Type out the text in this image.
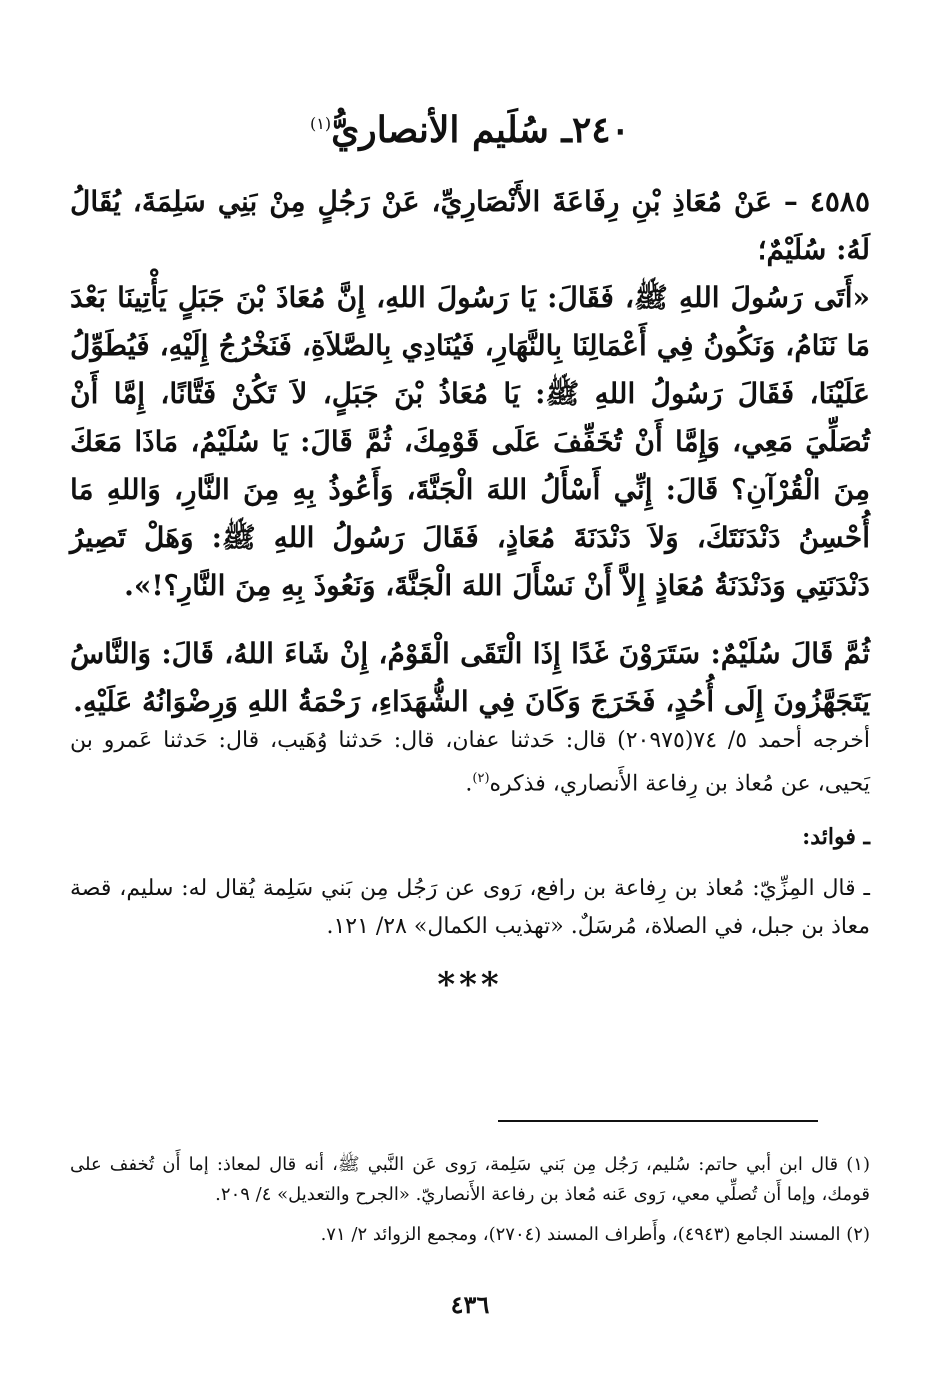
٢٤٠ـ سُلَيم الأنصاريُّ$^{(١)}$
٤٥٨٥ – عَنْ مُعَاذِ بْنِ رِفَاعَةَ الأَنْصَارِيِّ، عَنْ رَجُلٍ مِنْ بَنِي سَلِمَةَ، يُقَالُ لَهُ: سُلَيْمٌ؛
«أَتَى رَسُولَ اللهِ ﷺ، فَقَالَ: يَا رَسُولَ اللهِ، إِنَّ مُعَاذَ بْنَ جَبَلٍ يَأْتِينَا بَعْدَ مَا نَنَامُ، وَنَكُونُ فِي أَعْمَالِنَا بِالنَّهَارِ، فَيُنَادِي بِالصَّلاَةِ، فَنَخْرُجُ إِلَيْهِ، فَيُطَوِّلُ عَلَيْنَا، فَقَالَ رَسُولُ اللهِ ﷺ: يَا مُعَاذُ بْنَ جَبَلٍ، لاَ تَكُنْ فَتَّانًا، إِمَّا أَنْ تُصَلِّيَ مَعِي، وَإِمَّا أَنْ تُخَفِّفَ عَلَى قَوْمِكَ، ثُمَّ قَالَ: يَا سُلَيْمُ، مَاذَا مَعَكَ مِنَ الْقُرْآنِ؟ قَالَ: إِنِّي أَسْأَلُ اللهَ الْجَنَّةَ، وَأَعُوذُ بِهِ مِنَ النَّارِ، وَاللهِ مَا أُحْسِنُ دَنْدَنَتَكَ، وَلاَ دَنْدَنَةَ مُعَاذٍ، فَقَالَ رَسُولُ اللهِ ﷺ: وَهَلْ تَصِيرُ دَنْدَنَتِي وَدَنْدَنَةُ مُعَاذٍ إِلاَّ أَنْ نَسْأَلَ اللهَ الْجَنَّةَ، وَنَعُوذَ بِهِ مِنَ النَّارِ؟!».
ثُمَّ قَالَ سُلَيْمٌ: سَتَرَوْنَ غَدًا إِذَا الْتَقَى الْقَوْمُ، إِنْ شَاءَ اللهُ، قَالَ: وَالنَّاسُ يَتَجَهَّزُونَ إِلَى أُحُدٍ، فَخَرَجَ وَكَانَ فِي الشُّهَدَاءِ، رَحْمَةُ اللهِ وَرِضْوَانُهُ عَلَيْهِ.
أخرجه أحمد ٥/ ٧٤(٢٠٩٧٥) قال: حَدثنا عفان، قال: حَدثنا وُهَيب، قال: حَدثنا عَمرو بن يَحيى، عن مُعاذ بن رِفاعة الأَنصاري، فذكره$^{(٢)}$.
ـ فوائد:
ـ قال المِزِّيّ: مُعاذ بن رِفاعة بن رافع، رَوى عن رَجُل مِن بَني سَلِمة يُقال له: سليم، قصة معاذ بن جبل، في الصلاة، مُرسَلٌ. «تهذيب الكمال» ٢٨/ ١٢١.
***
(١) قال ابن أبي حاتم: سُليم، رَجُل مِن بَني سَلِمة، رَوى عَن النَّبي ﷺ، أنه قال لمعاذ: إما أَن تُخفف على قومك، وإما أَن تُصلِّي معي، رَوى عَنه مُعاذ بن رفاعة الأَنصاريّ. «الجرح والتعديل» ٤/ ٢٠٩.
(٢) المسند الجامع (٤٩٤٣)، وأَطراف المسند (٢٧٠٤)، ومجمع الزوائد ٢/ ٧١.
٤٣٦
